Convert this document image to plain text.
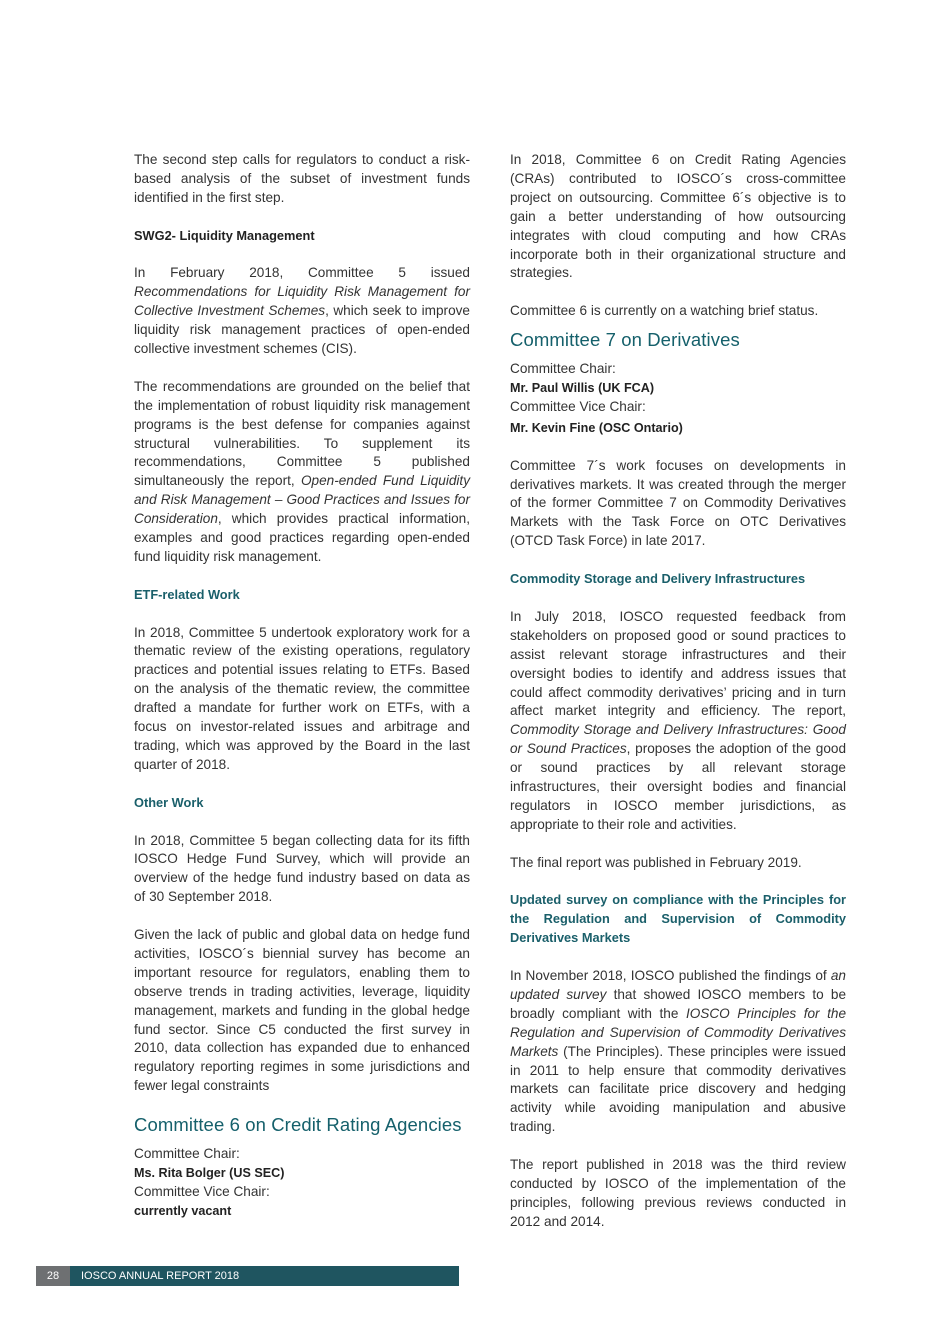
The second step calls for regulators to conduct a risk-based analysis of the subset of investment funds identified in the first step.

SWG2- Liquidity Management

In February 2018, Committee 5 issued Recommendations for Liquidity Risk Management for Collective Investment Schemes, which seek to improve liquidity risk management practices of open-ended collective investment schemes (CIS).

The recommendations are grounded on the belief that the implementation of robust liquidity risk management programs is the best defense for companies against structural vulnerabilities. To supplement its recommendations, Committee 5 published simultaneously the report, Open-ended Fund Liquidity and Risk Management – Good Practices and Issues for Consideration, which provides practical information, examples and good practices regarding open-ended fund liquidity risk management.

ETF-related Work

In 2018, Committee 5 undertook exploratory work for a thematic review of the existing operations, regulatory practices and potential issues relating to ETFs. Based on the analysis of the thematic review, the committee drafted a mandate for further work on ETFs, with a focus on investor-related issues and arbitrage and trading, which was approved by the Board in the last quarter of 2018.

Other Work

In 2018, Committee 5 began collecting data for its fifth IOSCO Hedge Fund Survey, which will provide an overview of the hedge fund industry based on data as of 30 September 2018.

Given the lack of public and global data on hedge fund activities, IOSCO´s biennial survey has become an important resource for regulators, enabling them to observe trends in trading activities, leverage, liquidity management, markets and funding in the global hedge fund sector. Since C5 conducted the first survey in 2010, data collection has expanded due to enhanced regulatory reporting regimes in some jurisdictions and fewer legal constraints

Committee 6 on Credit Rating Agencies
Committee Chair:
Ms. Rita Bolger (US SEC)
Committee Vice Chair:
currently vacant

In 2018, Committee 6 on Credit Rating Agencies (CRAs) contributed to IOSCO´s cross-committee project on outsourcing. Committee 6´s objective is to gain a better understanding of how outsourcing integrates with cloud computing and how CRAs incorporate both in their organizational structure and strategies.

Committee 6 is currently on a watching brief status.

Committee 7 on Derivatives
Committee Chair:
Mr. Paul Willis (UK FCA)
Committee Vice Chair:
Mr. Kevin Fine (OSC Ontario)

Committee 7´s work focuses on developments in derivatives markets. It was created through the merger of the former Committee 7 on Commodity Derivatives Markets with the Task Force on OTC Derivatives (OTCD Task Force) in late 2017.

Commodity Storage and Delivery Infrastructures

In July 2018, IOSCO requested feedback from stakeholders on proposed good or sound practices to assist relevant storage infrastructures and their oversight bodies to identify and address issues that could affect commodity derivatives’ pricing and in turn affect market integrity and efficiency. The report, Commodity Storage and Delivery Infrastructures: Good or Sound Practices, proposes the adoption of the good or sound practices by all relevant storage infrastructures, their oversight bodies and financial regulators in IOSCO member jurisdictions, as appropriate to their role and activities.

The final report was published in February 2019.

Updated survey on compliance with the Principles for the Regulation and Supervision of Commodity Derivatives Markets

In November 2018, IOSCO published the findings of an updated survey that showed IOSCO members to be broadly compliant with the IOSCO Principles for the Regulation and Supervision of Commodity Derivatives Markets (The Principles). These principles were issued in 2011 to help ensure that commodity derivatives markets can facilitate price discovery and hedging activity while avoiding manipulation and abusive trading.

The report published in 2018 was the third review conducted by IOSCO of the implementation of the principles, following previous reviews conducted in 2012 and 2014.

28	IOSCO ANNUAL REPORT 2018
